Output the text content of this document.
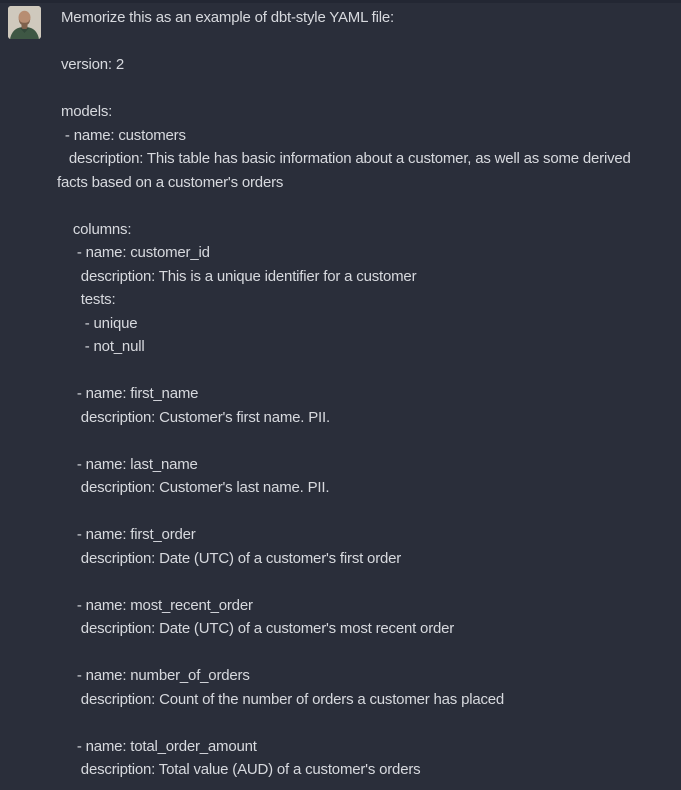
Memorize this as an example of dbt-style YAML file:
version: 2
models:
- name: customers
description: This table has basic information about a customer, as well as some derived
facts based on a customer's orders
columns:
- name: customer_id
description: This is a unique identifier for a customer
tests:
- unique
- not_null
- name: first_name
description: Customer's first name. PII.
- name: last_name
description: Customer's last name. PII.
- name: first_order
description: Date (UTC) of a customer's first order
- name: most_recent_order
description: Date (UTC) of a customer's most recent order
- name: number_of_orders
description: Count of the number of orders a customer has placed
- name: total_order_amount
description: Total value (AUD) of a customer's orders
